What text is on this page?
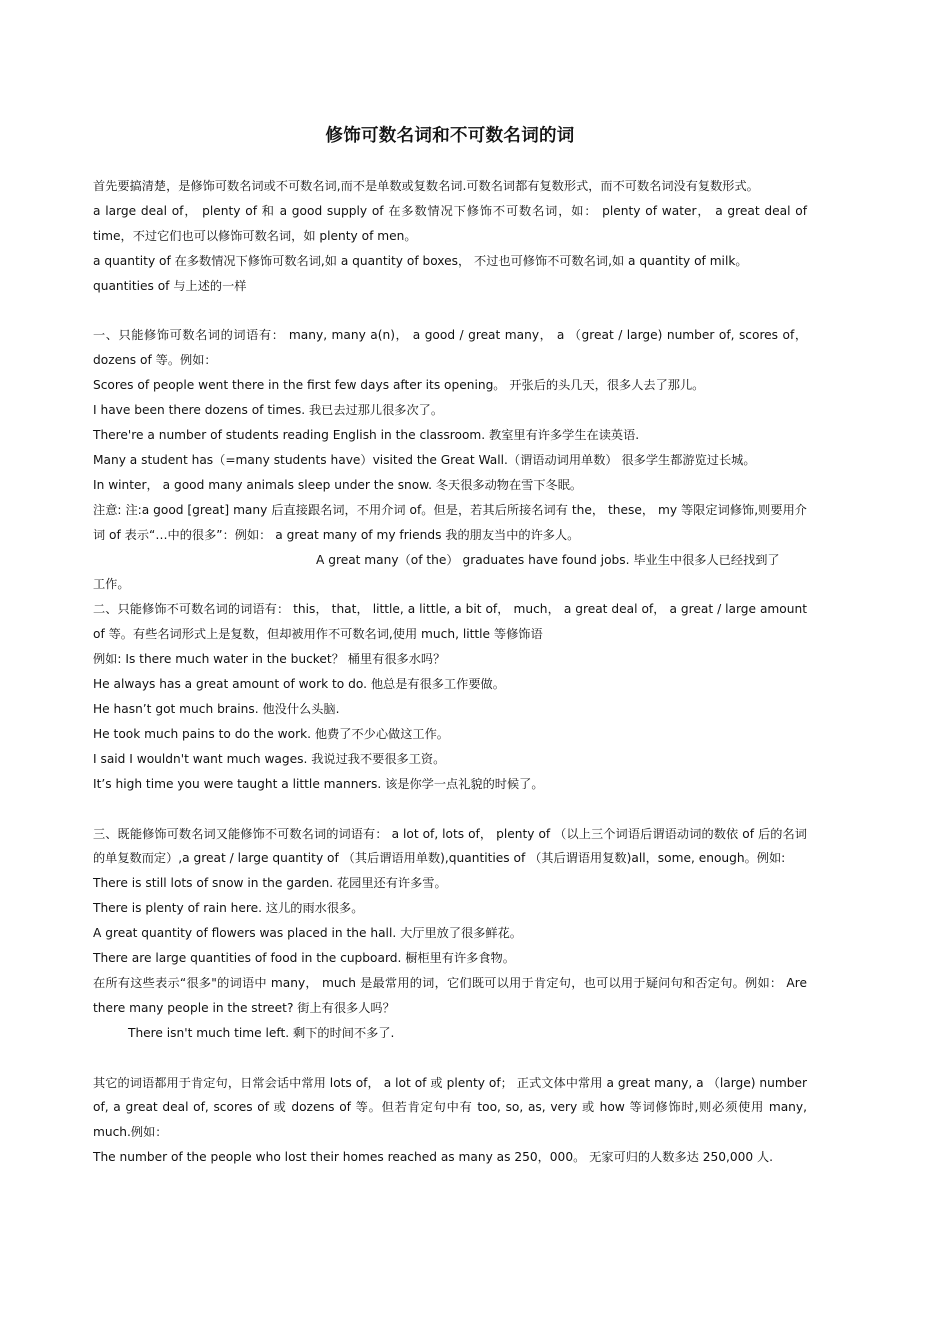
修饰可数名词和不可数名词的词

首先要搞清楚，是修饰可数名词或不可数名词,而不是单数或复数名词.可数名词都有复数形式，而不可数名词没有复数形式。

a large deal of， plenty of 和 a good supply of 在多数情况下修饰不可数名词，如： plenty of water， a great deal of time，不过它们也可以修饰可数名词，如 plenty of men。

a quantity of 在多数情况下修饰可数名词,如 a quantity of boxes， 不过也可修饰不可数名词,如 a quantity of milk。

quantities of 与上述的一样

一、只能修饰可数名词的词语有： many, many a(n)， a good / great many， a （great / large) number of, scores of，dozens of 等。例如：

Scores of people went there in the first few days after its opening。 开张后的头几天，很多人去了那儿。

I have been there dozens of times. 我已去过那儿很多次了。

There're a number of students reading English in the classroom. 教室里有许多学生在读英语.

Many a student has（=many students have）visited the Great Wall.（谓语动词用单数） 很多学生都游览过长城。

In winter， a good many animals sleep under the snow. 冬天很多动物在雪下冬眠。

注意: 注:a good [great] many 后直接跟名词，不用介词 of。但是，若其后所接名词有 the， these， my 等限定词修饰,则要用介词 of 表示“…中的很多”：例如： a great many of my friends 我的朋友当中的许多人。

A great many（of the） graduates have found jobs. 毕业生中很多人已经找到了

工作。

二、只能修饰不可数名词的词语有： this， that， little, a little, a bit of， much， a great deal of， a great / large amount of 等。有些名词形式上是复数，但却被用作不可数名词,使用 much, little 等修饰语

例如: Is there much water in the bucket？ 桶里有很多水吗？

He always has a great amount of work to do. 他总是有很多工作要做。

He hasn’t got much brains. 他没什么头脑.

He took much pains to do the work. 他费了不少心做这工作。

I said I wouldn't want much wages. 我说过我不要很多工资。

It’s high time you were taught a little manners. 该是你学一点礼貌的时候了。

三、既能修饰可数名词又能修饰不可数名词的词语有： a lot of, lots of， plenty of （以上三个词语后谓语动词的数依 of 后的名词的单复数而定）,a great / large quantity of （其后谓语用单数),quantities of （其后谓语用复数)all，some, enough。例如:

There is still lots of snow in the garden. 花园里还有许多雪。

There is plenty of rain here. 这儿的雨水很多。

A great quantity of flowers was placed in the hall. 大厅里放了很多鲜花。

There are large quantities of food in the cupboard. 橱柜里有许多食物。

在所有这些表示“很多"的词语中 many， much 是最常用的词，它们既可以用于肯定句，也可以用于疑问句和否定句。例如： Are there many people in the street? 街上有很多人吗？

There isn't much time left. 剩下的时间不多了.

其它的词语都用于肯定句，日常会话中常用 lots of， a lot of 或 plenty of； 正式文体中常用 a great many, a （large) number of, a great deal of, scores of 或 dozens of 等。但若肯定句中有 too, so, as, very 或 how 等词修饰时,则必须使用 many, much.例如：

The number of the people who lost their homes reached as many as 250，000。 无家可归的人数多达 250,000 人.
